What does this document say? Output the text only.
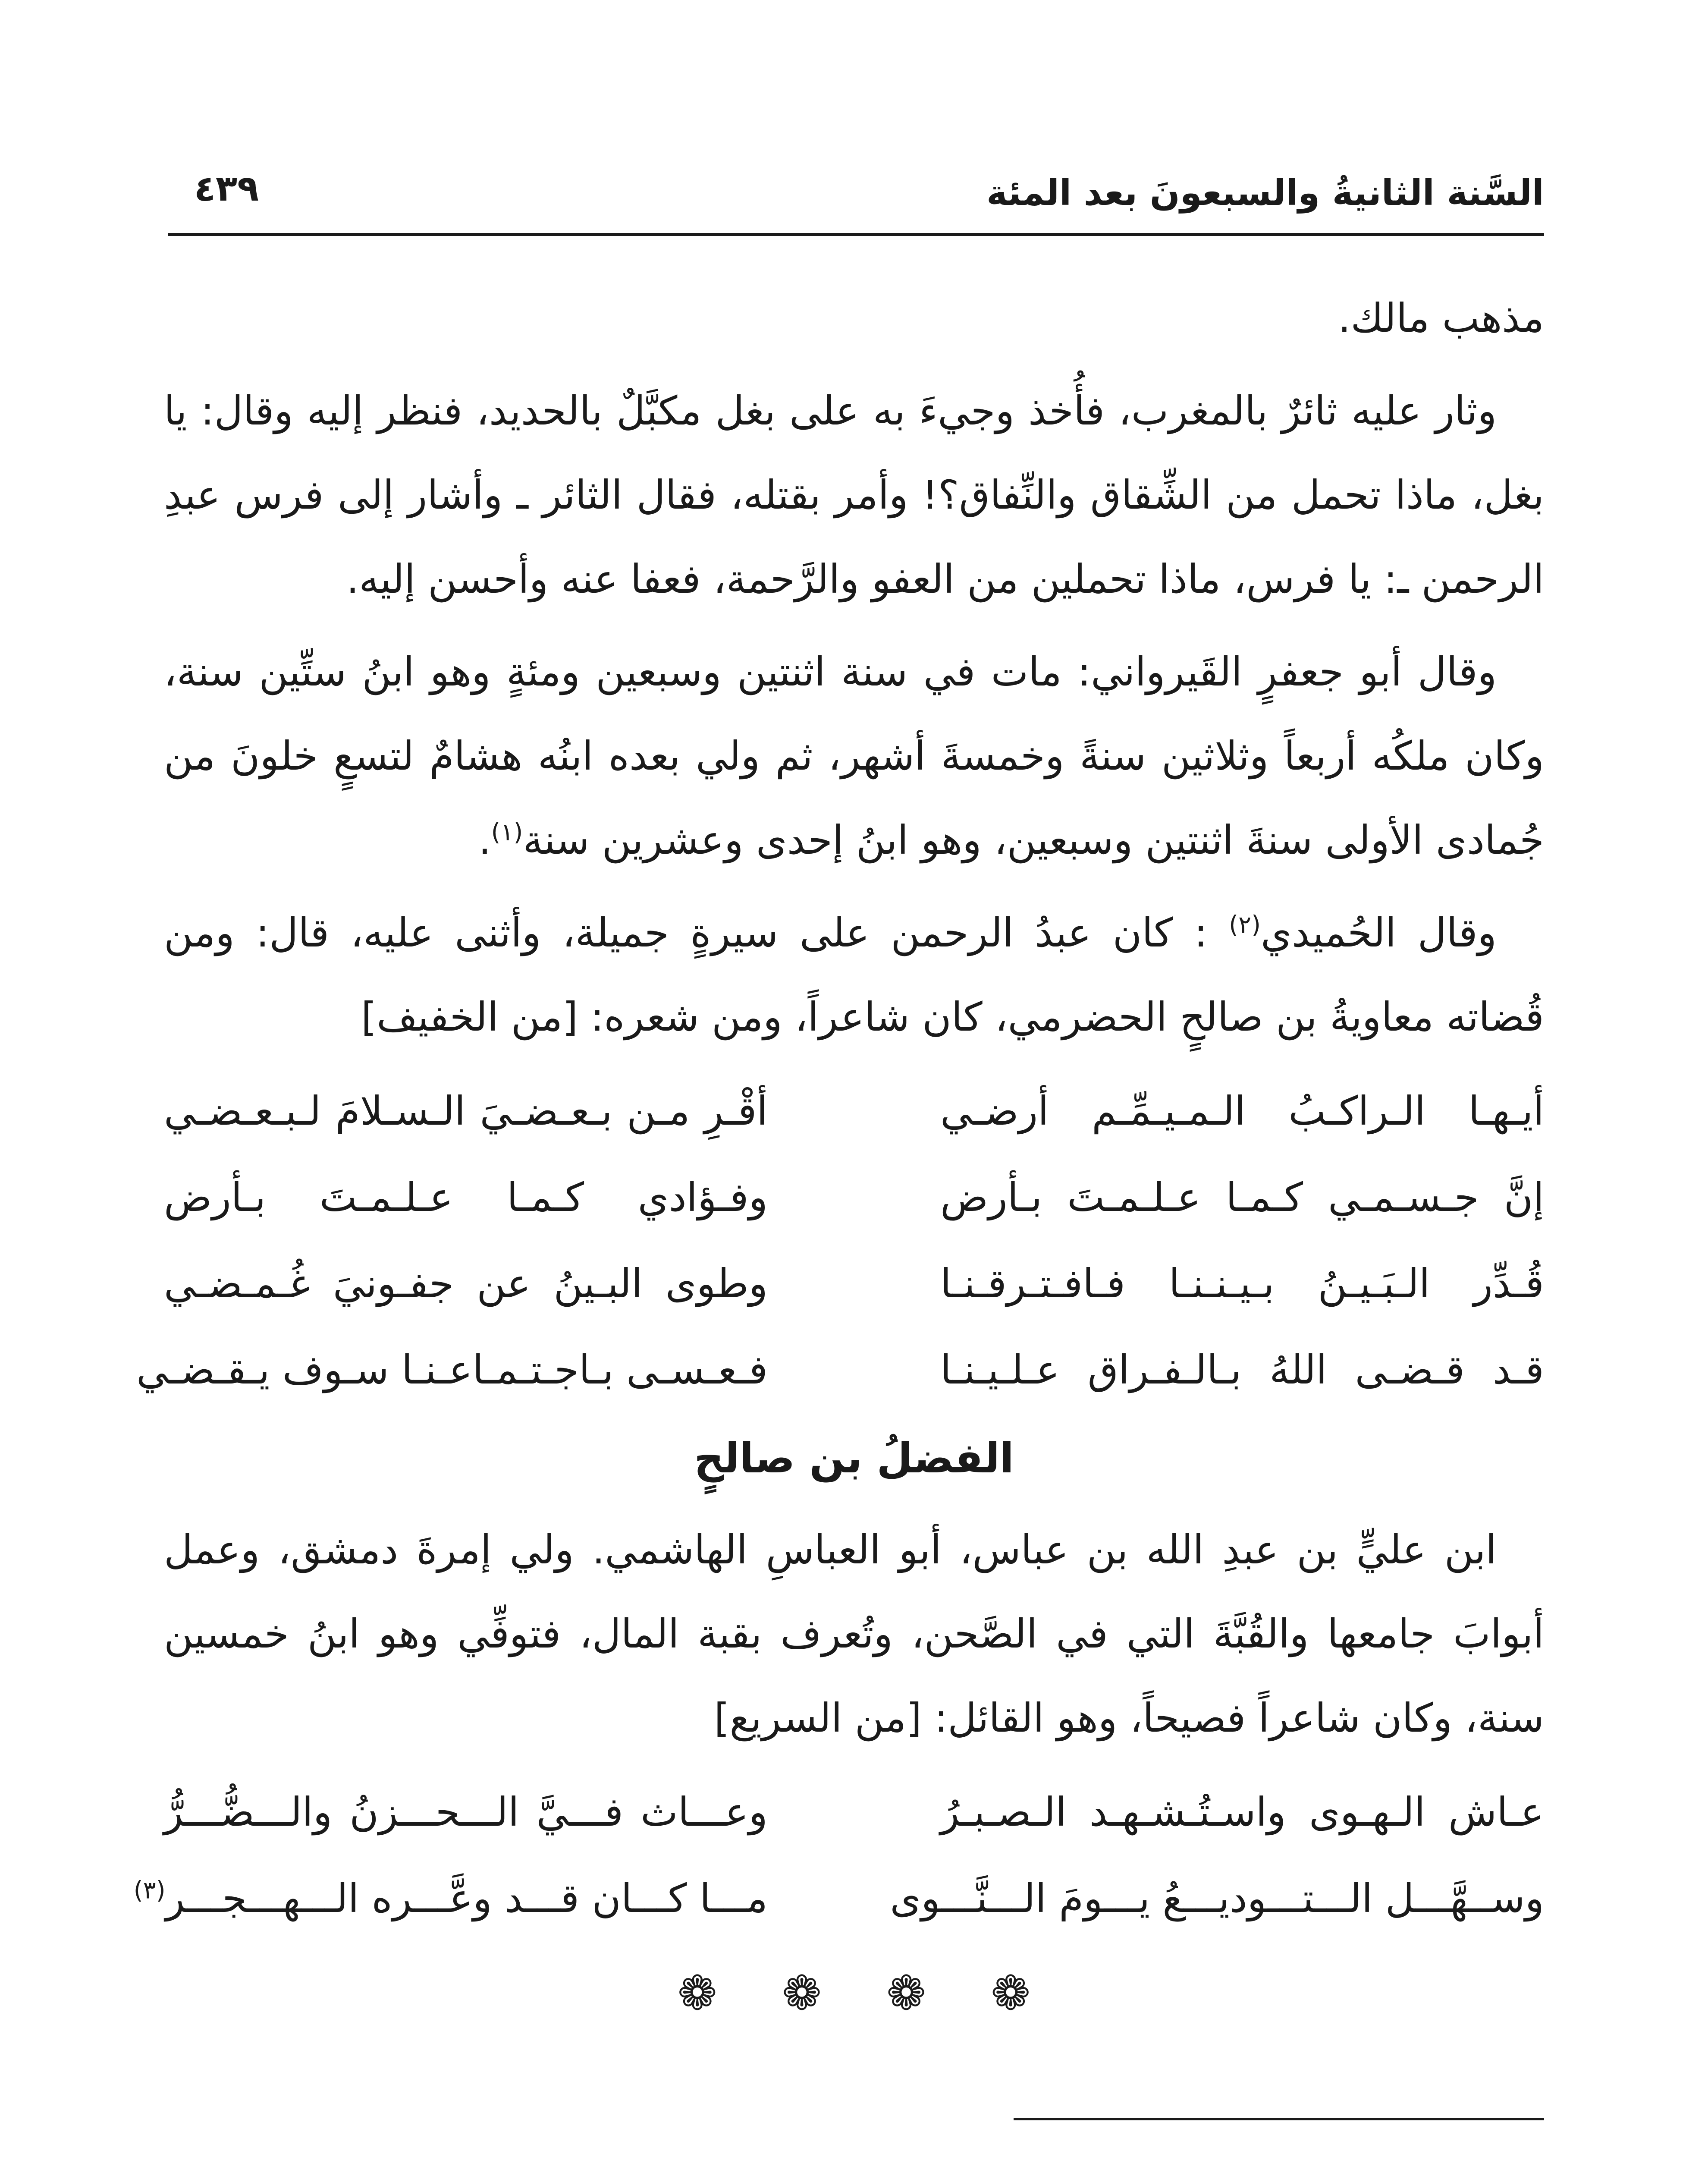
السَّنة الثانيةُ والسبعونَ بعد المئة
٤٣٩

مذهب مالك.

وثار عليه ثائرٌ بالمغرب، فأُخذ وجيءَ به على بغل مكبَّلٌ بالحديد، فنظر إليه وقال: يا بغل، ماذا تحمل من الشِّقاق والنِّفاق؟! وأمر بقتله، فقال الثائر ـ وأشار إلى فرس عبدِ الرحمن ـ: يا فرس، ماذا تحملين من العفو والرَّحمة، فعفا عنه وأحسن إليه.

وقال أبو جعفرٍ القَيرواني: مات في سنة اثنتين وسبعين ومئةٍ وهو ابنُ ستِّين سنة، وكان ملكُه أربعاً وثلاثين سنةً وخمسةَ أشهر، ثم ولي بعده ابنُه هشامٌ لتسعٍ خلونَ من جُمادى الأولى سنةَ اثنتين وسبعين، وهو ابنُ إحدى وعشرين سنة$^{(١)}$.

وقال الحُميدي$^{(٢)}$ : كان عبدُ الرحمن على سيرةٍ جميلة، وأثنى عليه، قال: ومن قُضاته معاويةُ بن صالحٍ الحضرمي، كان شاعراً، ومن شعره: [من الخفيف]

أيـهـا الـراكـبُ الـمـيـمِّـم أرضـي
أقْـرِ مـن بـعـضـيَ الـسـلامَ لـبـعـضـي
إنَّ جـسـمـي كـمـا عـلـمـتَ بـأرض
وفـؤادي كـمـا عـلـمـتَ بـأرض
قُـدِّر الـبَـيـنُ بـيـنـنـا فـافـتـرقـنـا
وطوى البـينُ عن جفـونيَ غُـمـضـي
قـد قـضـى اللهُ بـالـفـراق عـلـيـنـا
فـعـسـى بـاجـتـمـاعـنـا سـوف يـقـضـي
الفضلُ بن صالحٍ

ابن عليٍّ بن عبدِ الله بن عباس، أبو العباسِ الهاشمي. ولي إمرةَ دمشق، وعمل أبوابَ جامعها والقُبَّةَ التي في الصَّحن، وتُعرف بقبة المال، فتوفِّي وهو ابنُ خمسين سنة، وكان شاعراً فصيحاً، وهو القائل: [من السريع]

عـاش الـهـوى واسـتُـشـهـد الـصـبـرُ
وعـــاث فـــيَّ الـــحـــزنُ والـــضُّـــرُّ
وســهَّـــل الـــتـــوديـــعُ يـــومَ الـــنَّـــوى
مـــا كـــان قـــد وعَّـــره الـــهـــجـــر$^{(٣)}$
❁
❁
❁
❁
